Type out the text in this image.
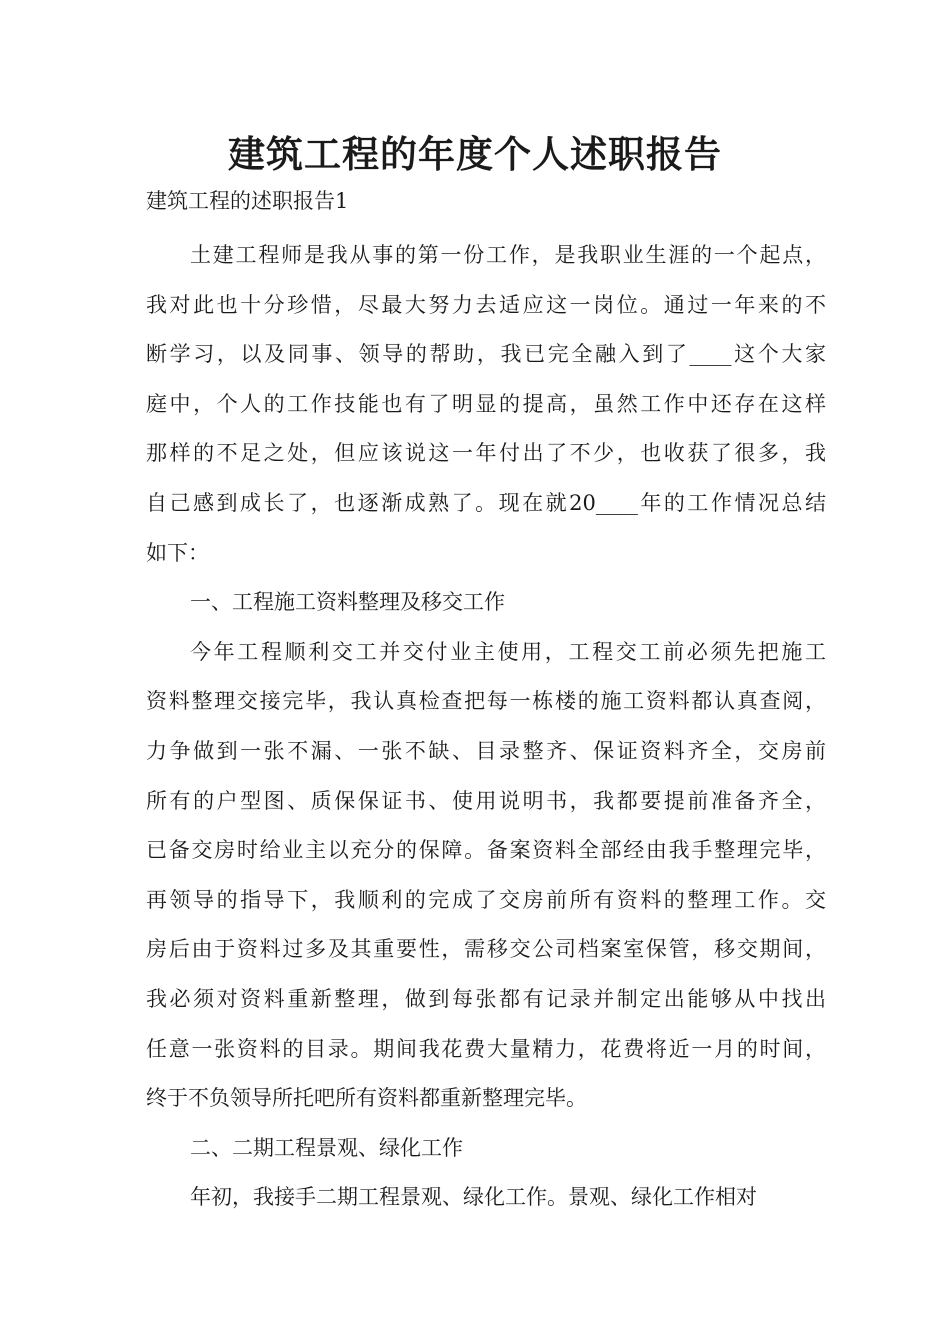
建筑工程的年度个人述职报告

建筑工程的述职报告1

土建工程师是我从事的第一份工作，是我职业生涯的一个起点，
我对此也十分珍惜，尽最大努力去适应这一岗位。通过一年来的不
断学习，以及同事、领导的帮助，我已完全融入到了____这个大家
庭中，个人的工作技能也有了明显的提高，虽然工作中还存在这样
那样的不足之处，但应该说这一年付出了不少，也收获了很多，我
自己感到成长了，也逐渐成熟了。现在就20____年的工作情况总结
如下：

一、工程施工资料整理及移交工作

今年工程顺利交工并交付业主使用，工程交工前必须先把施工
资料整理交接完毕，我认真检查把每一栋楼的施工资料都认真查阅，
力争做到一张不漏、一张不缺、目录整齐、保证资料齐全，交房前
所有的户型图、质保保证书、使用说明书，我都要提前准备齐全，
已备交房时给业主以充分的保障。备案资料全部经由我手整理完毕，
再领导的指导下，我顺利的完成了交房前所有资料的整理工作。交
房后由于资料过多及其重要性，需移交公司档案室保管，移交期间，
我必须对资料重新整理，做到每张都有记录并制定出能够从中找出
任意一张资料的目录。期间我花费大量精力，花费将近一月的时间，
终于不负领导所托吧所有资料都重新整理完毕。

二、二期工程景观、绿化工作

年初，我接手二期工程景观、绿化工作。景观、绿化工作相对
